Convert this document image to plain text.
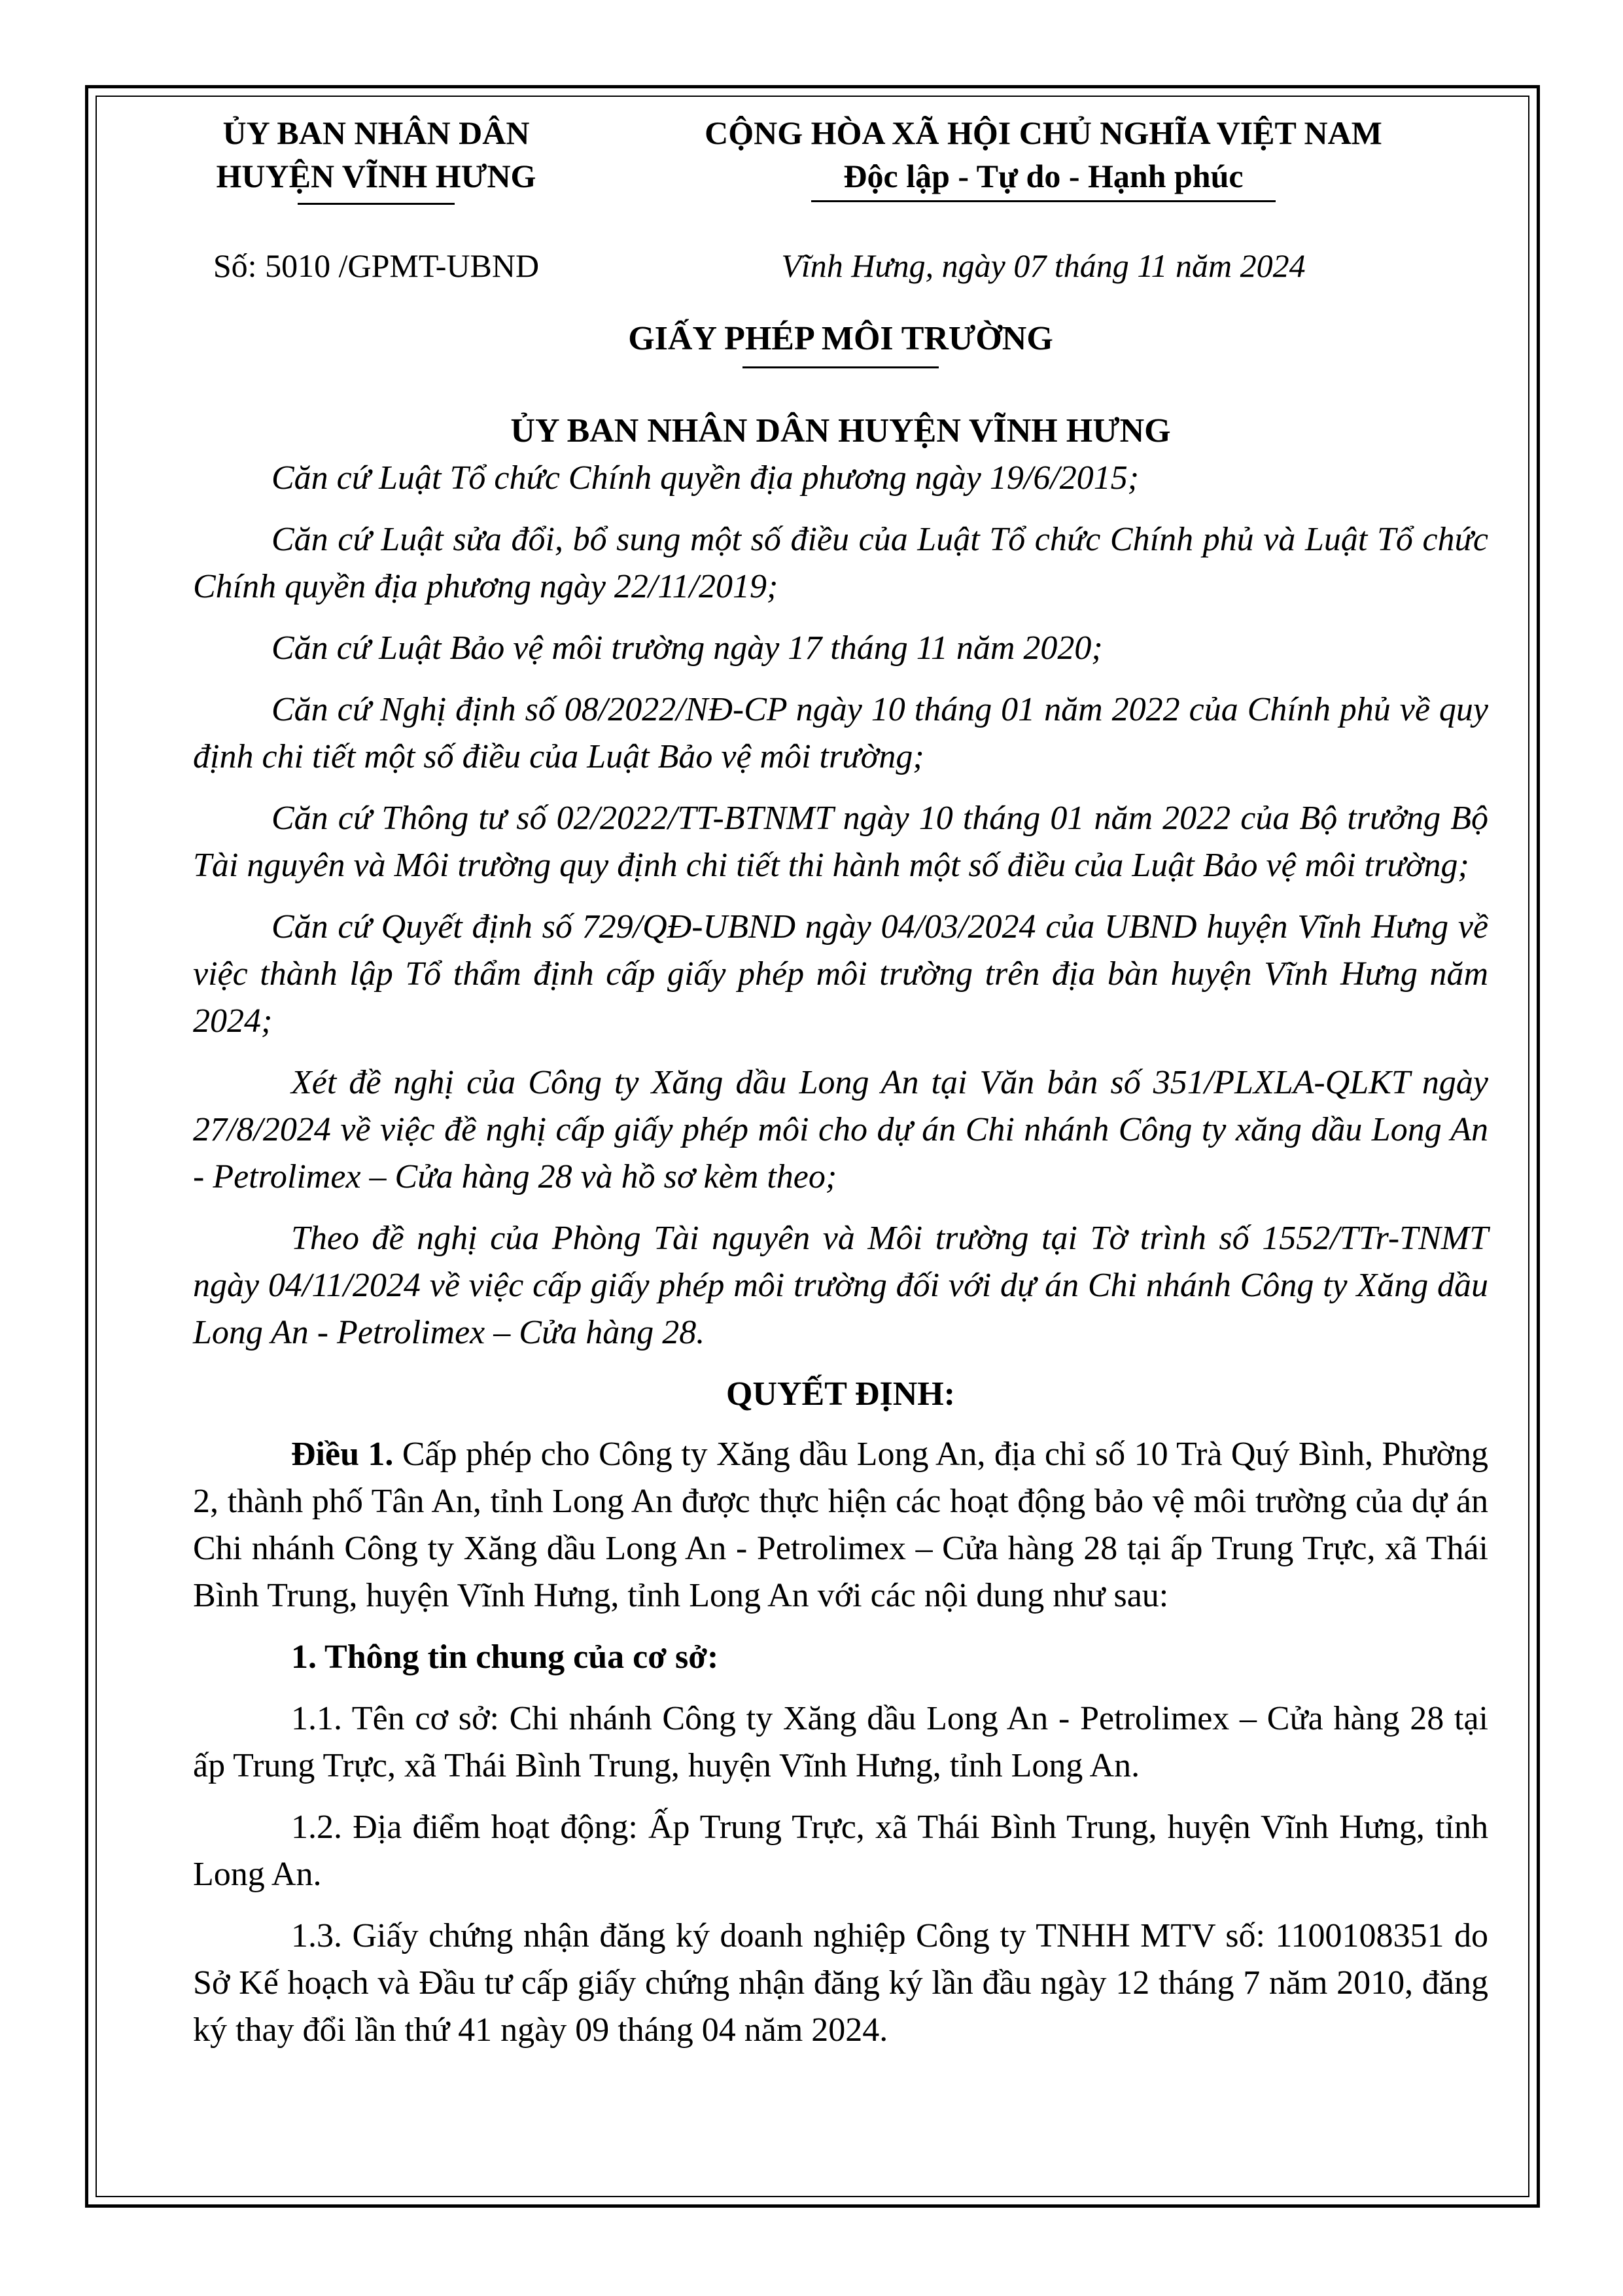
ỦY BAN NHÂN DÂN
HUYỆN VĨNH HƯNG
CỘNG HÒA XÃ HỘI CHỦ NGHĨA VIỆT NAM
Độc lập - Tự do - Hạnh phúc
Số: 5010 /GPMT-UBND	Vĩnh Hưng, ngày 07 tháng 11 năm 2024
GIẤY PHÉP MÔI TRƯỜNG
ỦY BAN NHÂN DÂN HUYỆN VĨNH HƯNG

Căn cứ Luật Tổ chức Chính quyền địa phương ngày 19/6/2015;

Căn cứ Luật sửa đổi, bổ sung một số điều của Luật Tổ chức Chính phủ và Luật Tổ chức Chính quyền địa phương ngày 22/11/2019;

Căn cứ Luật Bảo vệ môi trường ngày 17 tháng 11 năm 2020;

Căn cứ Nghị định số 08/2022/NĐ-CP ngày 10 tháng 01 năm 2022 của Chính phủ về quy định chi tiết một số điều của Luật Bảo vệ môi trường;

Căn cứ Thông tư số 02/2022/TT-BTNMT ngày 10 tháng 01 năm 2022 của Bộ trưởng Bộ Tài nguyên và Môi trường quy định chi tiết thi hành một số điều của Luật Bảo vệ môi trường;

Căn cứ Quyết định số 729/QĐ-UBND ngày 04/03/2024 của UBND huyện Vĩnh Hưng về việc thành lập Tổ thẩm định cấp giấy phép môi trường trên địa bàn huyện Vĩnh Hưng năm 2024;

Xét đề nghị của Công ty Xăng dầu Long An tại Văn bản số 351/PLXLA-QLKT ngày 27/8/2024 về việc đề nghị cấp giấy phép môi cho dự án Chi nhánh Công ty xăng dầu Long An - Petrolimex – Cửa hàng 28 và hồ sơ kèm theo;

Theo đề nghị của Phòng Tài nguyên và Môi trường tại Tờ trình số 1552/TTr-TNMT ngày 04/11/2024 về việc cấp giấy phép môi trường đối với dự án Chi nhánh Công ty Xăng dầu Long An - Petrolimex – Cửa hàng 28.

QUYẾT ĐỊNH:

Điều 1. Cấp phép cho Công ty Xăng dầu Long An, địa chỉ số 10 Trà Quý Bình, Phường 2, thành phố Tân An, tỉnh Long An được thực hiện các hoạt động bảo vệ môi trường của dự án Chi nhánh Công ty Xăng dầu Long An - Petrolimex – Cửa hàng 28 tại ấp Trung Trực, xã Thái Bình Trung, huyện Vĩnh Hưng, tỉnh Long An với các nội dung như sau:

1. Thông tin chung của cơ sở:

1.1. Tên cơ sở: Chi nhánh Công ty Xăng dầu Long An - Petrolimex – Cửa hàng 28 tại ấp Trung Trực, xã Thái Bình Trung, huyện Vĩnh Hưng, tỉnh Long An.

1.2. Địa điểm hoạt động: Ấp Trung Trực, xã Thái Bình Trung, huyện Vĩnh Hưng, tỉnh Long An.

1.3. Giấy chứng nhận đăng ký doanh nghiệp Công ty TNHH MTV số: 1100108351 do Sở Kế hoạch và Đầu tư cấp giấy chứng nhận đăng ký lần đầu ngày 12 tháng 7 năm 2010, đăng ký thay đổi lần thứ 41 ngày 09 tháng 04 năm 2024.
